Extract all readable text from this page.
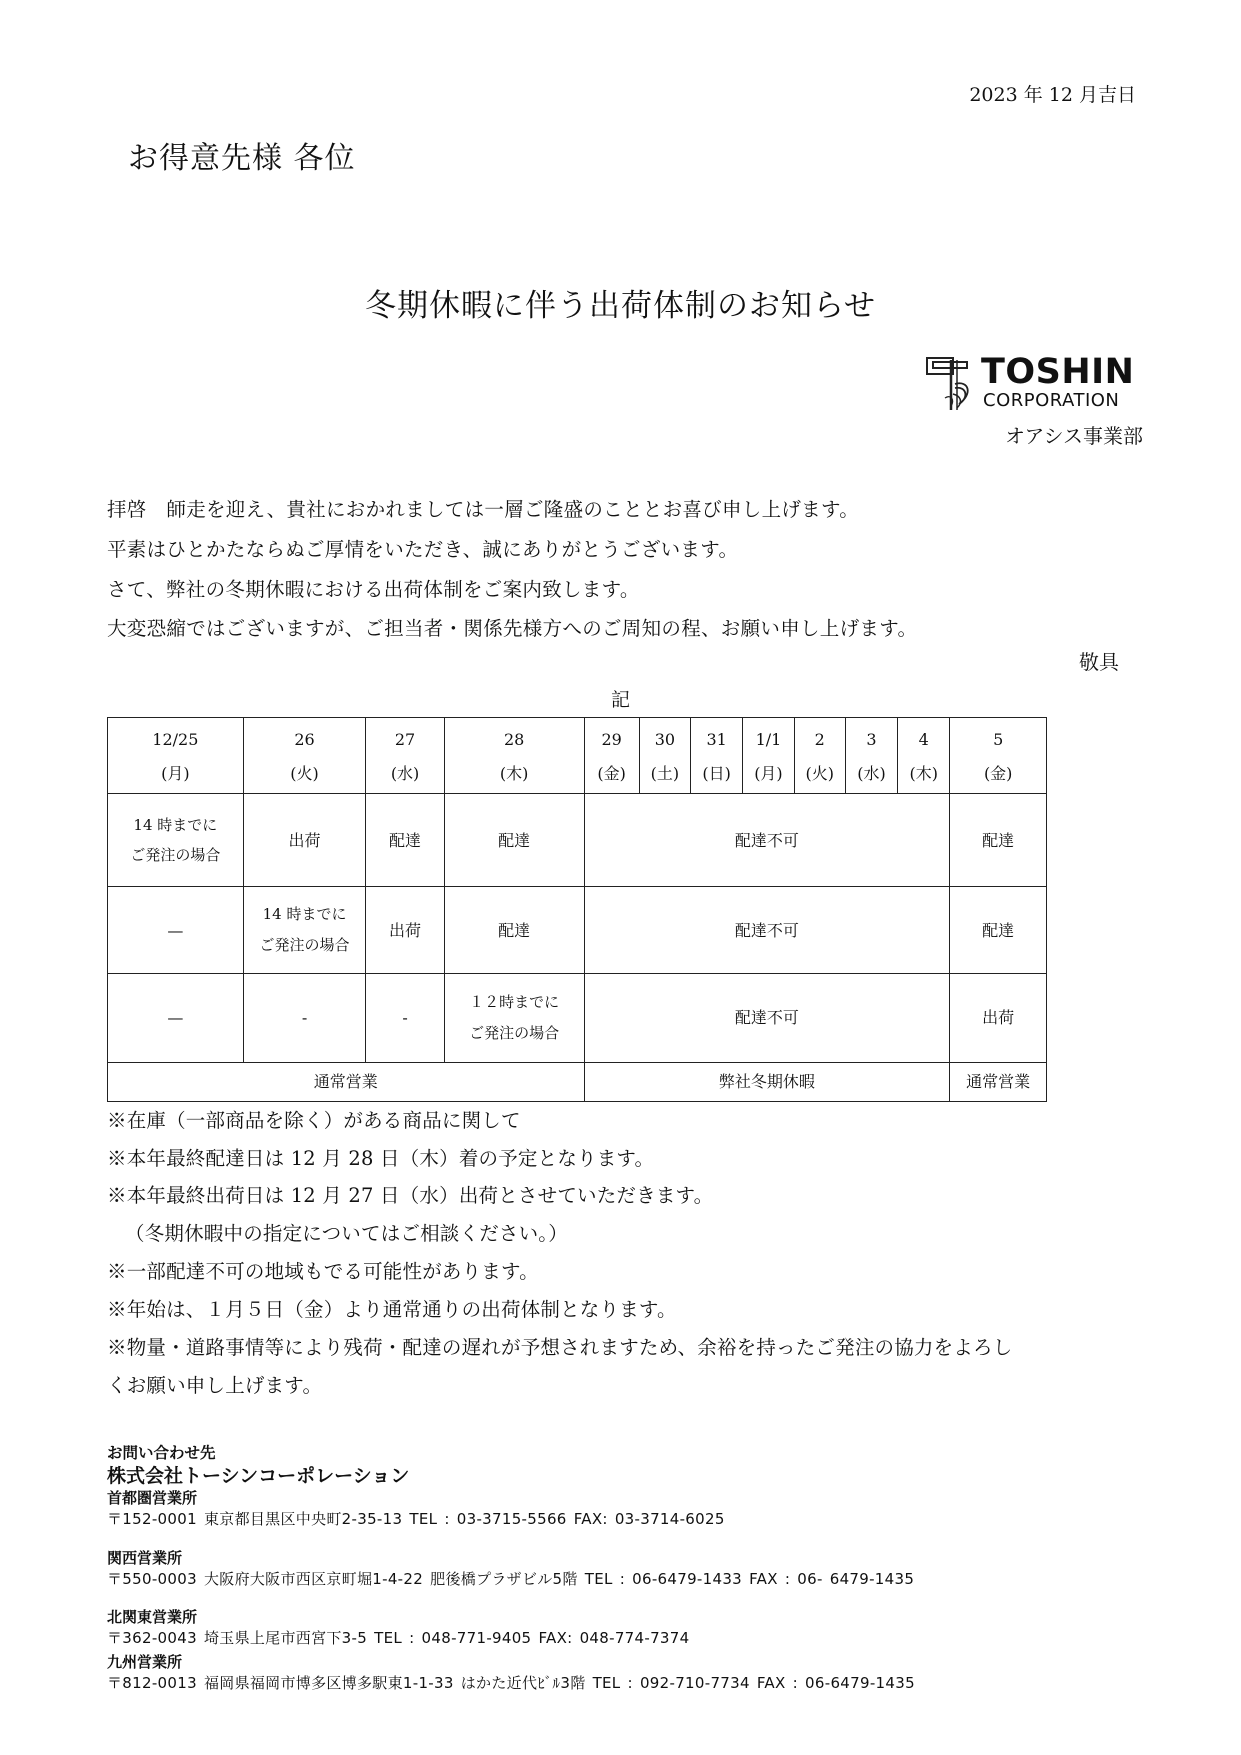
2023 年 12 月吉日
お得意先様 各位
冬期休暇に伴う出荷体制のお知らせ
TOSHIN
CORPORATION
オアシス事業部
拝啓　師走を迎え、貴社におかれましては一層ご隆盛のこととお喜び申し上げます。
平素はひとかたならぬご厚情をいただき、誠にありがとうございます。
さて、弊社の冬期休暇における出荷体制をご案内致します。
大変恐縮ではございますが、ご担当者・関係先様方へのご周知の程、お願い申し上げます。
敬具
記
12/25	26	27	28	29	30	31	1/1	2	3	4	5
(月)	(火)	(水)	(木)	(金)	(土)	(日)	(月)	(火)	(水)	(木)	(金)

14 時までに
ご発注の場合	出荷	配達	配達	配達不可							配達
—	14 時までに
ご発注の場合	出荷	配達	配達不可							配達
—	-	-	１２時までに
ご発注の場合	配達不可							出荷
通常営業				弊社冬期休暇							通常営業
※在庫（一部商品を除く）がある商品に関して
※本年最終配達日は 12 月 28 日（木）着の予定となります。
※本年最終出荷日は 12 月 27 日（水）出荷とさせていただきます。
（冬期休暇中の指定についてはご相談ください。）
※一部配達不可の地域もでる可能性があります。
※年始は、１月５日（金）より通常通りの出荷体制となります。
※物量・道路事情等により残荷・配達の遅れが予想されますため、余裕を持ったご発注の協力をよろし
くお願い申し上げます。
お問い合わせ先
株式会社トーシンコーポレーション
首都圏営業所
〒152-0001 東京都目黒区中央町2-35-13 TEL : 03-3715-5566 FAX: 03-3714-6025
関西営業所
〒550-0003 大阪府大阪市西区京町堀1-4-22 肥後橋プラザビル5階 TEL : 06-6479-1433 FAX : 06- 6479-1435
北関東営業所
〒362-0043 埼玉県上尾市西宮下3-5 TEL : 048-771-9405 FAX: 048-774-7374
九州営業所
〒812-0013 福岡県福岡市博多区博多駅東1-1-33 はかた近代ﾋﾞﾙ3階 TEL : 092-710-7734 FAX : 06-6479-1435
